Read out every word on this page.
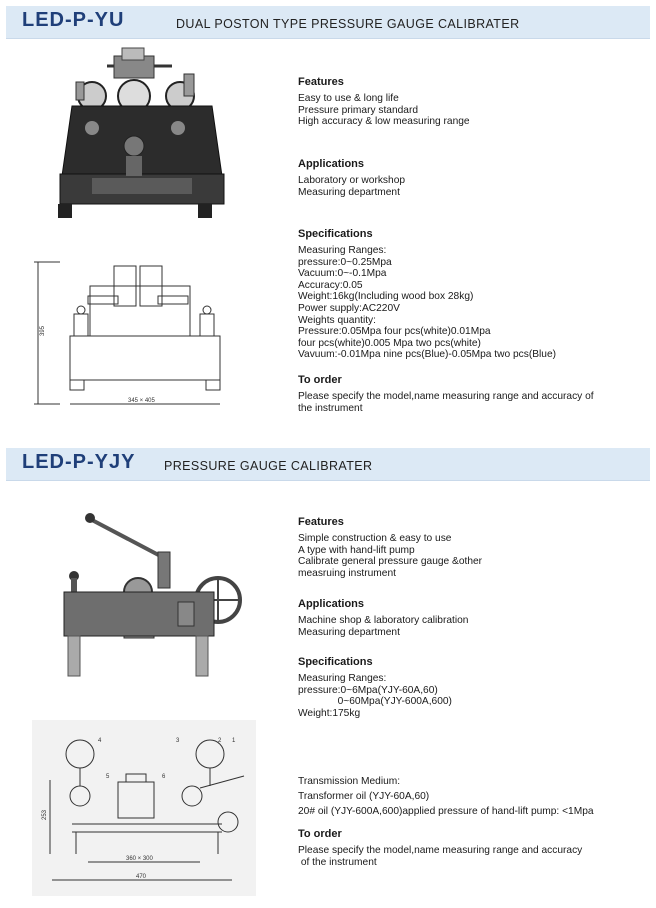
LED-P-YU	DUAL POSTON TYPE PRESSURE GAUGE CALIBRATER
395
345 × 405
Features
Easy to use & long life
Pressure primary standard
High accuracy & low measuring range
Applications
Laboratory or workshop
Measuring department
Specifications
Measuring Ranges:
pressure:0~0.25Mpa
Vacuum:0~-0.1Mpa
Accuracy:0.05
Weight:16kg(Including wood box 28kg)
Power supply:AC220V
Weights quantity:
Pressure:0.05Mpa four pcs(white)0.01Mpa
four pcs(white)0.005 Mpa two pcs(white)
Vavuum:-0.01Mpa nine pcs(Blue)-0.05Mpa two pcs(Blue)
To order
Please specify the model,name measuring range and accuracy of
the instrument
LED-P-YJY PRESSURE GAUGE CALIBRATER
4	3	2 1
5	6
253
360 × 300
470
Features
Simple construction & easy to use
A type with hand-lift pump
Calibrate general pressure gauge &other
measruing instrument
Applications
Machine shop & laboratory calibration
Measuring department
Specifications
Measuring Ranges:
pressure:0~6Mpa(YJY-60A,60)
0~60Mpa(YJY-600A,600)
Weight:175kg
Transmission Medium:
Transformer oil (YJY-60A,60)
20# oil (YJY-600A,600)applied pressure of hand-lift pump: <1Mpa
To order
Please specify the model,name measuring range and accuracy
of the instrument
